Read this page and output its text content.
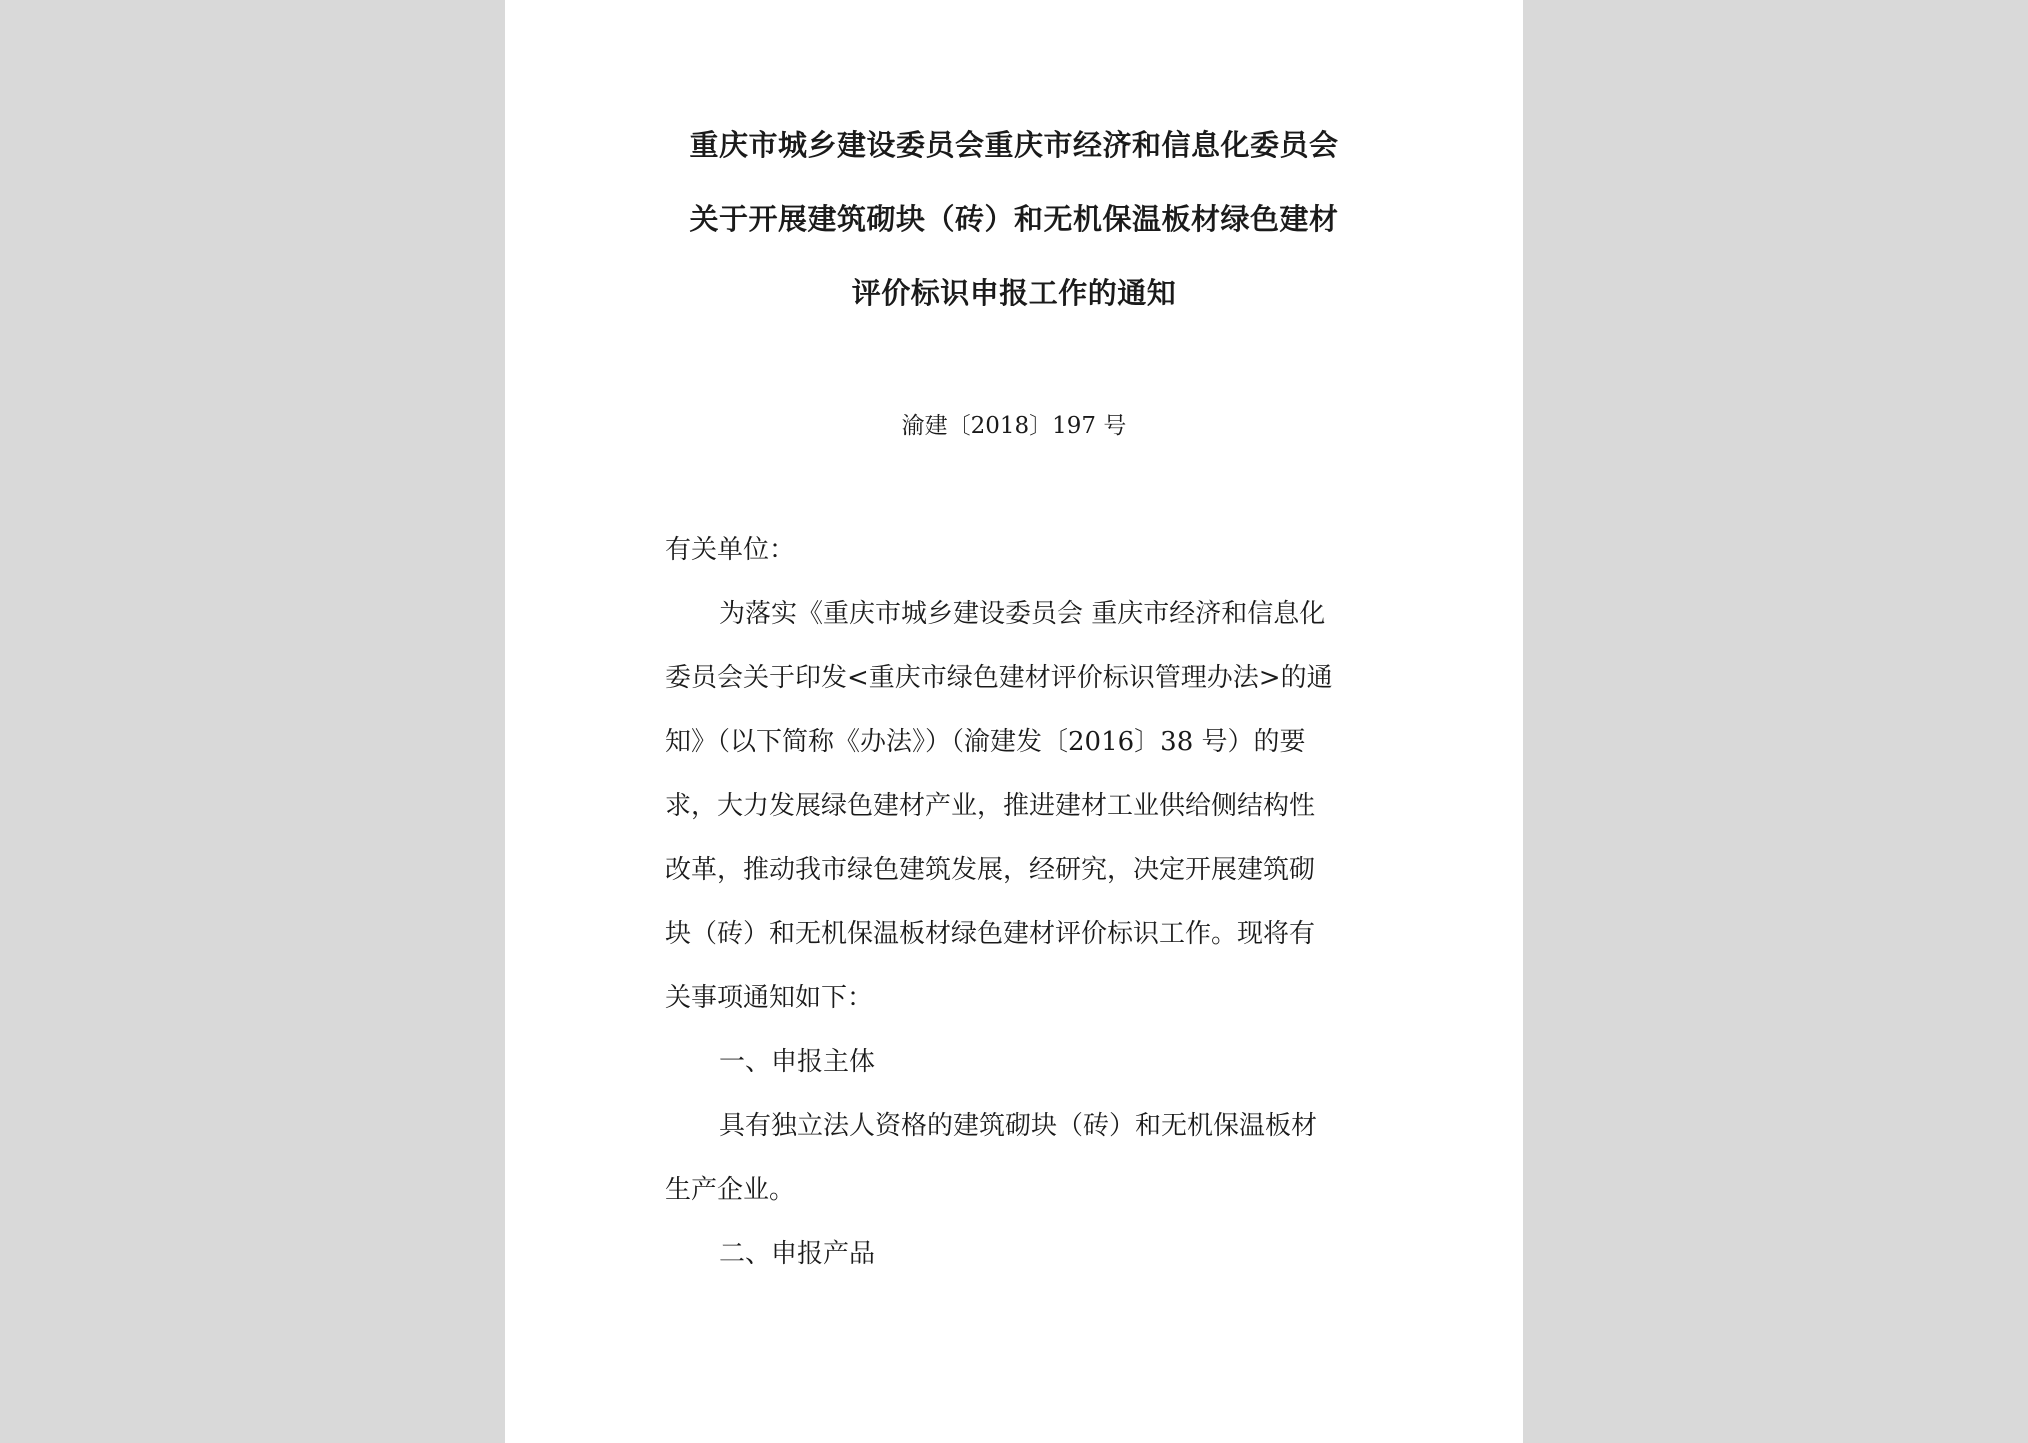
重庆市城乡建设委员会重庆市经济和信息化委员会
关于开展建筑砌块（砖）和无机保温板材绿色建材
评价标识申报工作的通知
渝建〔2018〕197 号
有关单位：
为落实《重庆市城乡建设委员会 重庆市经济和信息化
委员会关于印发<重庆市绿色建材评价标识管理办法>的通
知》（以下简称《办法》）（渝建发〔2016〕38 号）的要
求，大力发展绿色建材产业，推进建材工业供给侧结构性
改革，推动我市绿色建筑发展，经研究，决定开展建筑砌
块（砖）和无机保温板材绿色建材评价标识工作。现将有
关事项通知如下：
一、申报主体
具有独立法人资格的建筑砌块（砖）和无机保温板材
生产企业。
二、申报产品
